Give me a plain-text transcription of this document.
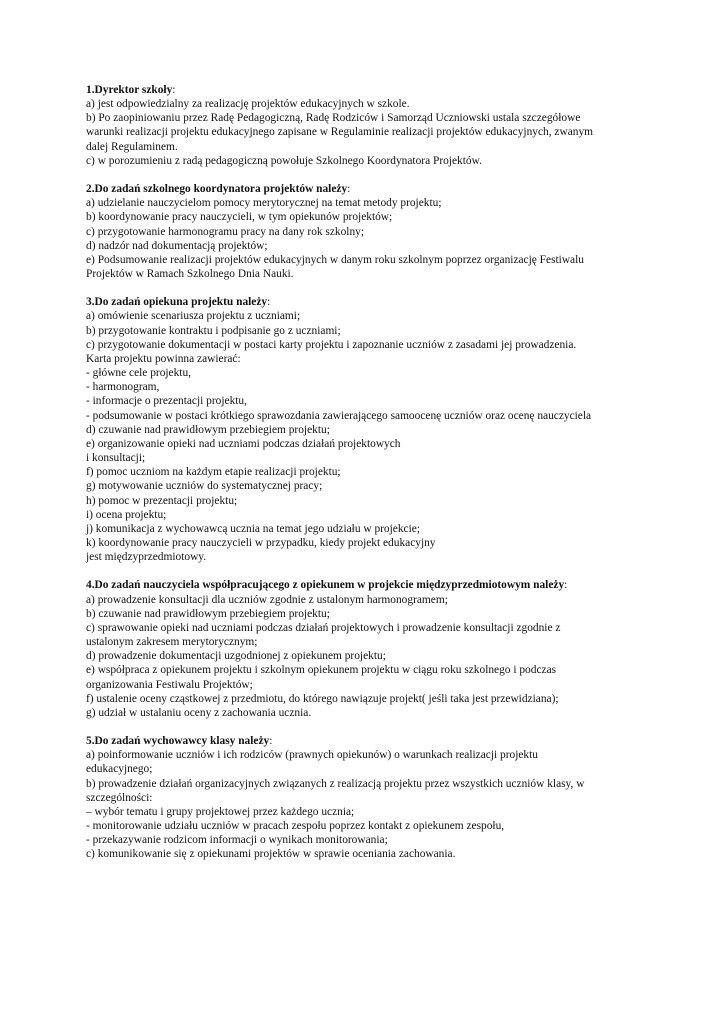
1.Dyrektor szkoły:
a) jest odpowiedzialny za realizację projektów edukacyjnych w szkole.
b) Po zaopiniowaniu przez Radę Pedagogiczną, Radę Rodziców i Samorząd Uczniowski ustala szczegółowe
warunki realizacji projektu edukacyjnego zapisane w Regulaminie realizacji projektów edukacyjnych, zwanym
dalej Regulaminem.
c) w porozumieniu z radą pedagogiczną powołuje Szkolnego Koordynatora Projektów.
2.Do zadań szkolnego koordynatora projektów należy:
a) udzielanie nauczycielom pomocy merytorycznej na temat metody projektu;
b) koordynowanie pracy nauczycieli, w tym opiekunów projektów;
c) przygotowanie harmonogramu pracy na dany rok szkolny;
d) nadzór nad dokumentacją projektów;
e) Podsumowanie realizacji projektów edukacyjnych w danym roku szkolnym poprzez organizację Festiwalu
Projektów w Ramach Szkolnego Dnia Nauki.
3.Do zadań opiekuna projektu należy:
a) omówienie scenariusza projektu z uczniami;
b) przygotowanie kontraktu i podpisanie go z uczniami;
c) przygotowanie dokumentacji w postaci karty projektu i zapoznanie uczniów z zasadami jej prowadzenia.
Karta projektu powinna zawierać:
- główne cele projektu,
- harmonogram,
- informacje o prezentacji projektu,
- podsumowanie w postaci krótkiego sprawozdania zawierającego samoocenę uczniów oraz ocenę nauczyciela
d) czuwanie nad prawidłowym przebiegiem projektu;
e) organizowanie opieki nad uczniami podczas działań projektowych
i konsultacji;
f) pomoc uczniom na każdym etapie realizacji projektu;
g) motywowanie uczniów do systematycznej pracy;
h) pomoc w prezentacji projektu;
i) ocena projektu;
j) komunikacja z wychowawcą ucznia na temat jego udziału w projekcie;
k) koordynowanie pracy nauczycieli w przypadku, kiedy projekt edukacyjny
jest międzyprzedmiotowy.
4.Do zadań nauczyciela współpracującego z opiekunem w projekcie międzyprzedmiotowym należy:
a) prowadzenie konsultacji dla uczniów zgodnie z ustalonym harmonogramem;
b) czuwanie nad prawidłowym przebiegiem projektu;
c) sprawowanie opieki nad uczniami podczas działań projektowych i prowadzenie konsultacji zgodnie z
ustalonym zakresem merytorycznym;
d) prowadzenie dokumentacji uzgodnionej z opiekunem projektu;
e) współpraca z opiekunem projektu i szkolnym opiekunem projektu w ciągu roku szkolnego i podczas
organizowania Festiwalu Projektów;
f) ustalenie oceny cząstkowej z przedmiotu, do którego nawiązuje projekt( jeśli taka jest przewidziana);
g) udział w ustalaniu oceny z zachowania ucznia.
5.Do zadań wychowawcy klasy należy:
a) poinformowanie uczniów i ich rodziców (prawnych opiekunów) o warunkach realizacji projektu
edukacyjnego;
b) prowadzenie działań organizacyjnych związanych z realizacją projektu przez wszystkich uczniów klasy, w
szczególności:
– wybór tematu i grupy projektowej przez każdego ucznia;
- monitorowanie udziału uczniów w pracach zespołu poprzez kontakt z opiekunem zespołu,
- przekazywanie rodzicom informacji o wynikach monitorowania;
c) komunikowanie się z opiekunami projektów w sprawie oceniania zachowania.
